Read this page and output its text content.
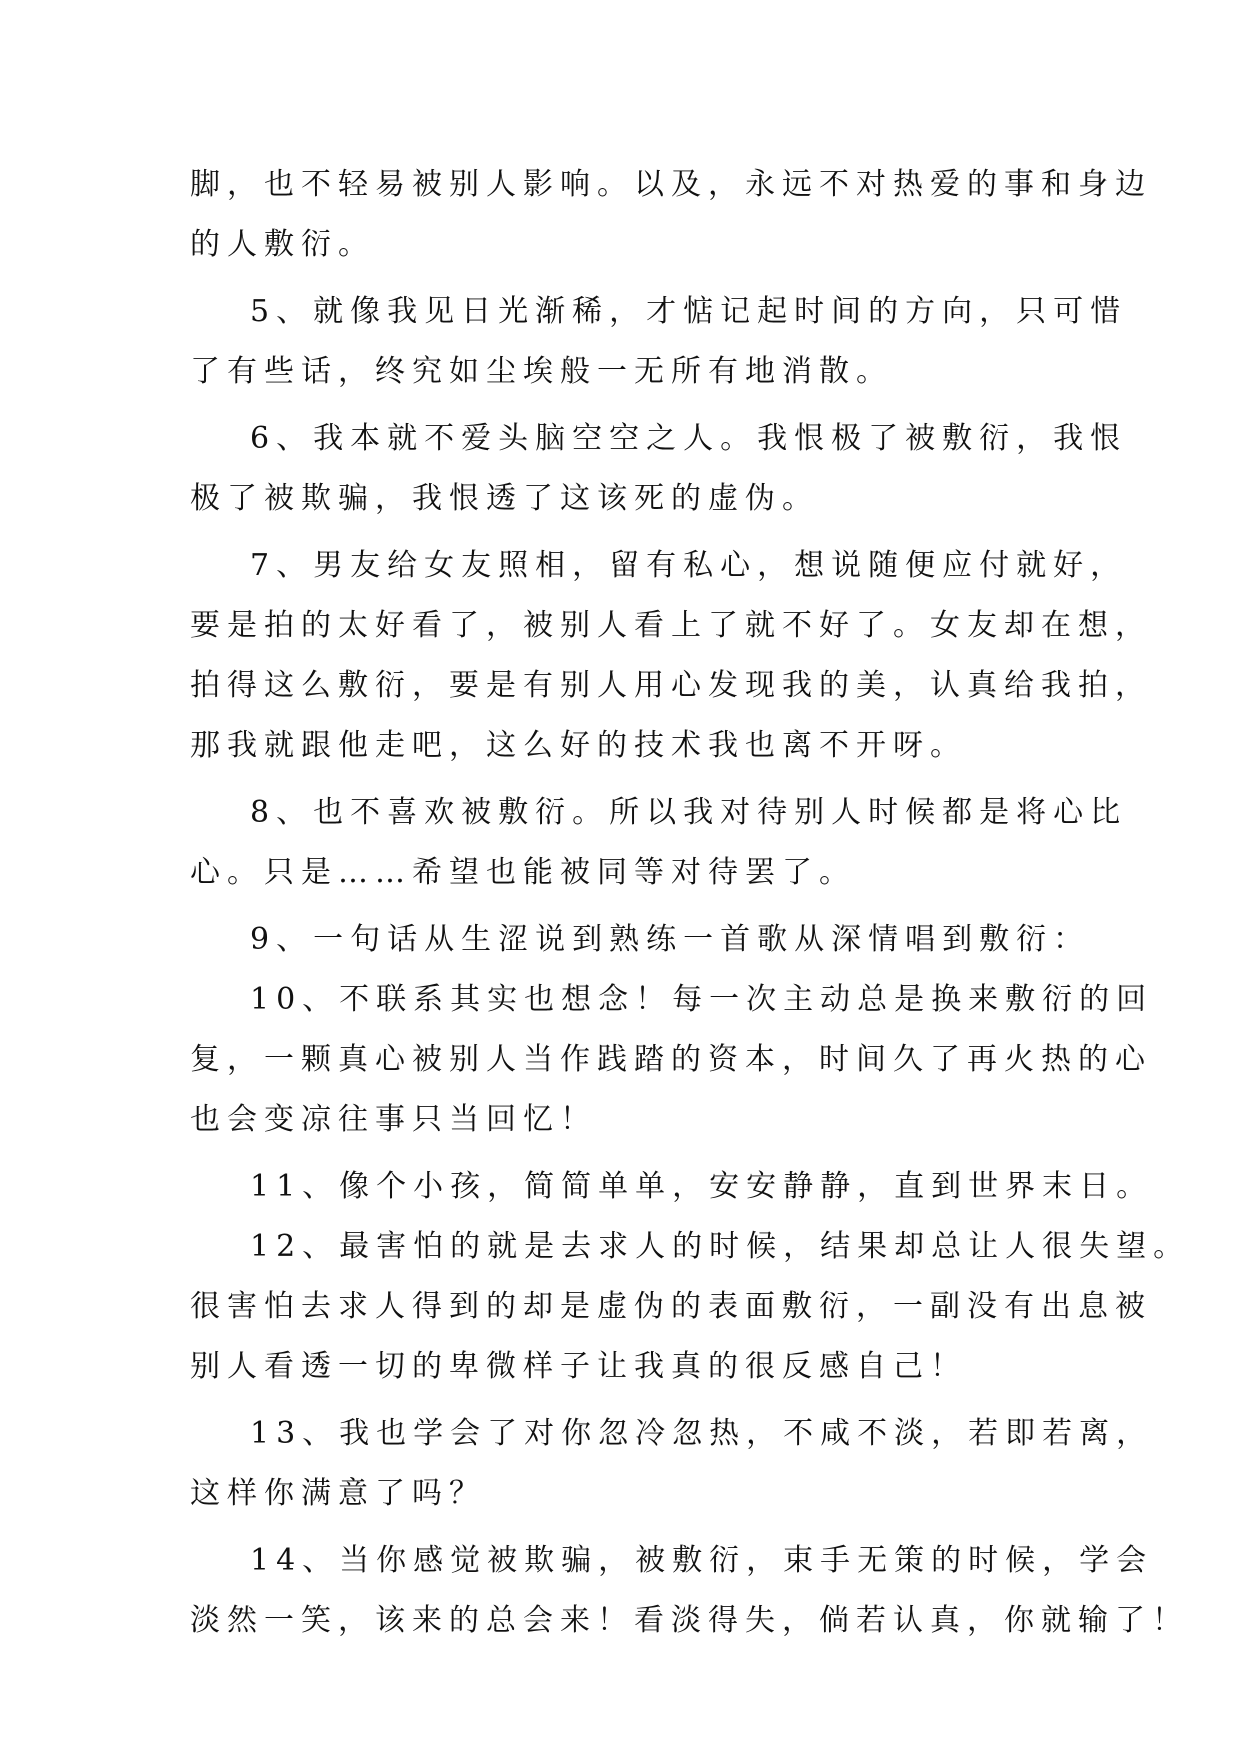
脚，也不轻易被别人影响。以及，永远不对热爱的事和身边
的人敷衍。
5、就像我见日光渐稀，才惦记起时间的方向，只可惜
了有些话，终究如尘埃般一无所有地消散。
6、我本就不爱头脑空空之人。我恨极了被敷衍，我恨
极了被欺骗，我恨透了这该死的虚伪。
7、男友给女友照相，留有私心，想说随便应付就好，
要是拍的太好看了，被别人看上了就不好了。女友却在想，
拍得这么敷衍，要是有别人用心发现我的美，认真给我拍，
那我就跟他走吧，这么好的技术我也离不开呀。
8、也不喜欢被敷衍。所以我对待别人时候都是将心比
心。只是……希望也能被同等对待罢了。
9、一句话从生涩说到熟练一首歌从深情唱到敷衍：
10、不联系其实也想念！每一次主动总是换来敷衍的回
复，一颗真心被别人当作践踏的资本，时间久了再火热的心
也会变凉往事只当回忆！
11、像个小孩，简简单单，安安静静，直到世界末日。
12、最害怕的就是去求人的时候，结果却总让人很失望。
很害怕去求人得到的却是虚伪的表面敷衍，一副没有出息被
别人看透一切的卑微样子让我真的很反感自己！
13、我也学会了对你忽冷忽热，不咸不淡，若即若离，
这样你满意了吗？
14、当你感觉被欺骗，被敷衍，束手无策的时候，学会
淡然一笑，该来的总会来！看淡得失，倘若认真，你就输了！
